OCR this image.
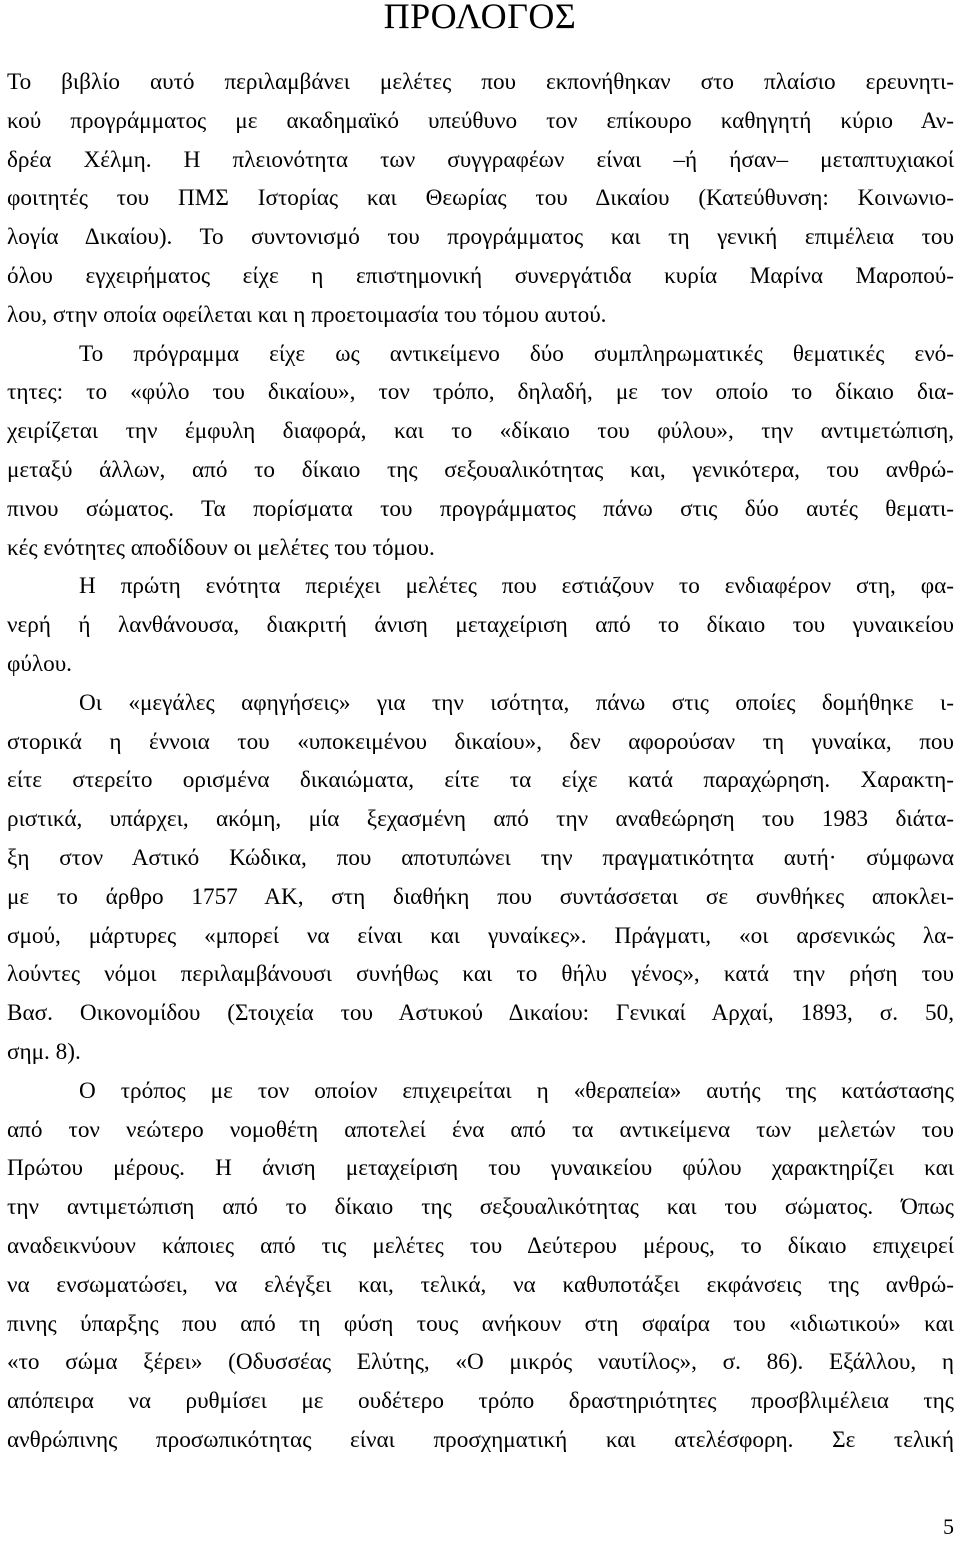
ΠΡΟΛΟΓΟΣ
Το βιβλίο αυτό περιλαμβάνει μελέτες που εκπονήθηκαν στο πλαίσιο ερευνητι-
κού προγράμματος με ακαδημαϊκό υπεύθυνο τον επίκουρο καθηγητή κύριο Αν-
δρέα Χέλμη. Η πλειονότητα των συγγραφέων είναι –ή ήσαν– μεταπτυχιακοί
φοιτητές του ΠΜΣ Ιστορίας και Θεωρίας του Δικαίου (Κατεύθυνση: Κοινωνιο-
λογία Δικαίου). Το συντονισμό του προγράμματος και τη γενική επιμέλεια του
όλου εγχειρήματος είχε η επιστημονική συνεργάτιδα κυρία Μαρίνα Μαροπού-
λου, στην οποία οφείλεται και η προετοιμασία του τόμου αυτού.
Το πρόγραμμα είχε ως αντικείμενο δύο συμπληρωματικές θεματικές ενό-
τητες: το «φύλο του δικαίου», τον τρόπο, δηλαδή, με τον οποίο το δίκαιο δια-
χειρίζεται την έμφυλη διαφορά, και το «δίκαιο του φύλου», την αντιμετώπιση,
μεταξύ άλλων, από το δίκαιο της σεξουαλικότητας και, γενικότερα, του ανθρώ-
πινου σώματος. Τα πορίσματα του προγράμματος πάνω στις δύο αυτές θεματι-
κές ενότητες αποδίδουν οι μελέτες του τόμου.
Η πρώτη ενότητα περιέχει μελέτες που εστιάζουν το ενδιαφέρον στη, φα-
νερή ή λανθάνουσα, διακριτή άνιση μεταχείριση από το δίκαιο του γυναικείου
φύλου.
Οι «μεγάλες αφηγήσεις» για την ισότητα, πάνω στις οποίες δομήθηκε ι-
στορικά η έννοια του «υποκειμένου δικαίου», δεν αφορούσαν τη γυναίκα, που
είτε στερείτο ορισμένα δικαιώματα, είτε τα είχε κατά παραχώρηση. Χαρακτη-
ριστικά, υπάρχει, ακόμη, μία ξεχασμένη από την αναθεώρηση του 1983 διάτα-
ξη στον Αστικό Κώδικα, που αποτυπώνει την πραγματικότητα αυτή· σύμφωνα
με το άρθρο 1757 ΑΚ, στη διαθήκη που συντάσσεται σε συνθήκες αποκλει-
σμού, μάρτυρες «μπορεί να είναι και γυναίκες». Πράγματι, «οι αρσενικώς λα-
λούντες νόμοι περιλαμβάνουσι συνήθως και το θήλυ γένος», κατά την ρήση του
Βασ. Οικονομίδου (Στοιχεία του Αστυκού Δικαίου: Γενικαί Αρχαί, 1893, σ. 50,
σημ. 8).
Ο τρόπος με τον οποίον επιχειρείται η «θεραπεία» αυτής της κατάστασης
από τον νεώτερο νομοθέτη αποτελεί ένα από τα αντικείμενα των μελετών του
Πρώτου μέρους. Η άνιση μεταχείριση του γυναικείου φύλου χαρακτηρίζει και
την αντιμετώπιση από το δίκαιο της σεξουαλικότητας και του σώματος. Όπως
αναδεικνύουν κάποιες από τις μελέτες του Δεύτερου μέρους, το δίκαιο επιχειρεί
να ενσωματώσει, να ελέγξει και, τελικά, να καθυποτάξει εκφάνσεις της ανθρώ-
πινης ύπαρξης που από τη φύση τους ανήκουν στη σφαίρα του «ιδιωτικού» και
«το σώμα ξέρει» (Οδυσσέας Ελύτης, «Ο μικρός ναυτίλος», σ. 86). Εξάλλου, η
απόπειρα να ρυθμίσει με ουδέτερο τρόπο δραστηριότητες προσβλιμέλεια της
ανθρώπινης προσωπικότητας είναι προσχηματική και ατελέσφορη. Σε τελική
5
